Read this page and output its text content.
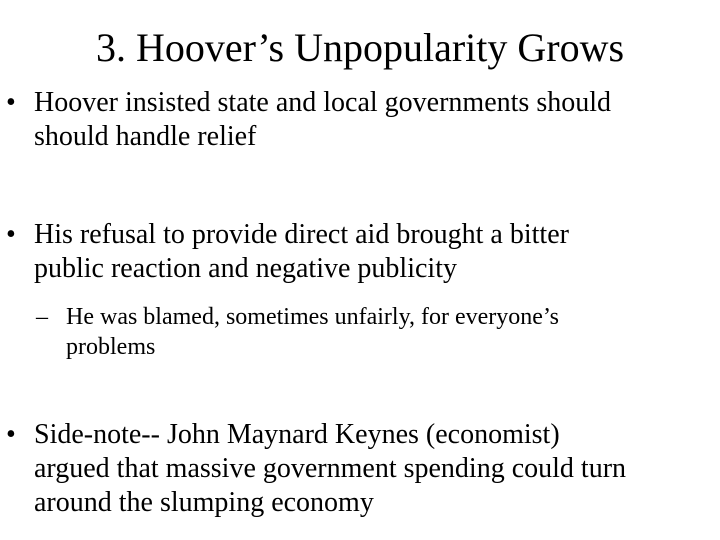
3. Hoover’s Unpopularity Grows
• Hoover insisted state and local governments should
should handle relief
• His refusal to provide direct aid brought a bitter
public reaction and negative publicity
– He was blamed, sometimes unfairly, for everyone’s
problems
• Side-note-- John Maynard Keynes (economist)
argued that massive government spending could turn
around the slumping economy
